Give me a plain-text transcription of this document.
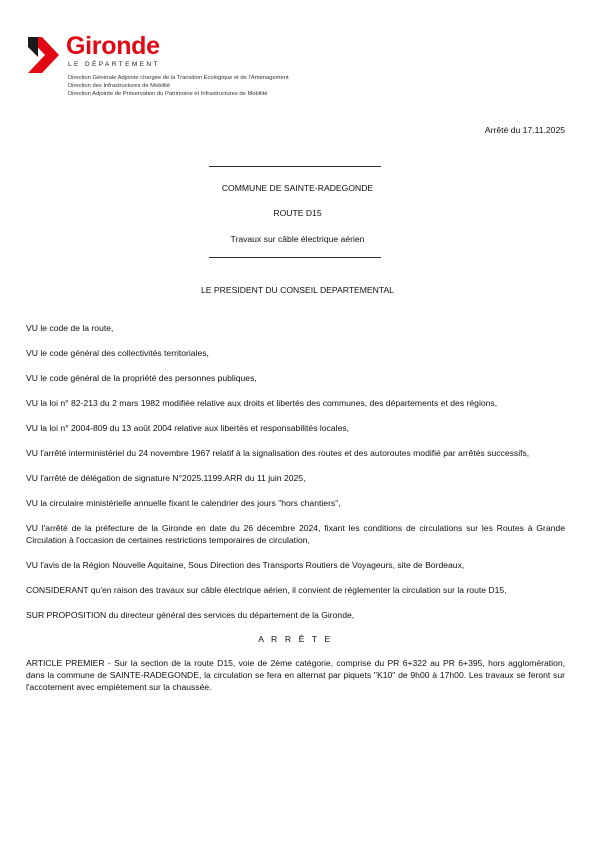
Gironde
LE DÉPARTEMENT
Direction Générale Adjointe chargée de la Transition Écologique et de l'Aménagement
Direction des Infrastructures de Mobilité
Direction Adjointe de Préservation du Patrimoine et Infrastructures de Mobilité
Arrêté du 17.11.2025
COMMUNE DE SAINTE-RADEGONDE
ROUTE D15
Travaux sur câble électrique aérien
LE PRESIDENT DU CONSEIL DEPARTEMENTAL

VU le code de la route,

VU le code général des collectivités territoriales,

VU le code général de la propriété des personnes publiques,

VU la loi n° 82-213 du 2 mars 1982 modifiée relative aux droits et libertés des communes, des départements et des régions,

VU la loi n° 2004-809 du 13 août 2004 relative aux libertés et responsabilités locales,

VU l'arrêté interministériel du 24 novembre 1967 relatif à la signalisation des routes et des autoroutes modifié par arrêtés successifs,

VU l'arrêté de délégation de signature N°2025.1199.ARR du 11 juin 2025,

VU la circulaire ministérielle annuelle fixant le calendrier des jours "hors chantiers",

VU l'arrêté de la préfecture de la Gironde en date du 26 décembre 2024, fixant les conditions de circulations sur les Routes à Grande Circulation à l'occasion de certaines restrictions temporaires de circulation,

VU l'avis de la Région Nouvelle Aquitaine, Sous Direction des Transports Routiers de Voyageurs, site de Bordeaux,

CONSIDERANT qu'en raison des travaux sur câble électrique aérien, il convient de réglementer la circulation sur la route D15,

SUR PROPOSITION du directeur général des services du département de la Gironde,

A R R Ê T E

ARTICLE PREMIER - Sur la section de la route D15, voie de 2ème catégorie, comprise du PR 6+322 au PR 6+395, hors agglomération, dans la commune de SAINTE-RADEGONDE, la circulation se fera en alternat par piquets "K10" de 9h00 à 17h00. Les travaux se feront sur l'accotement avec empiètement sur la chaussée.
